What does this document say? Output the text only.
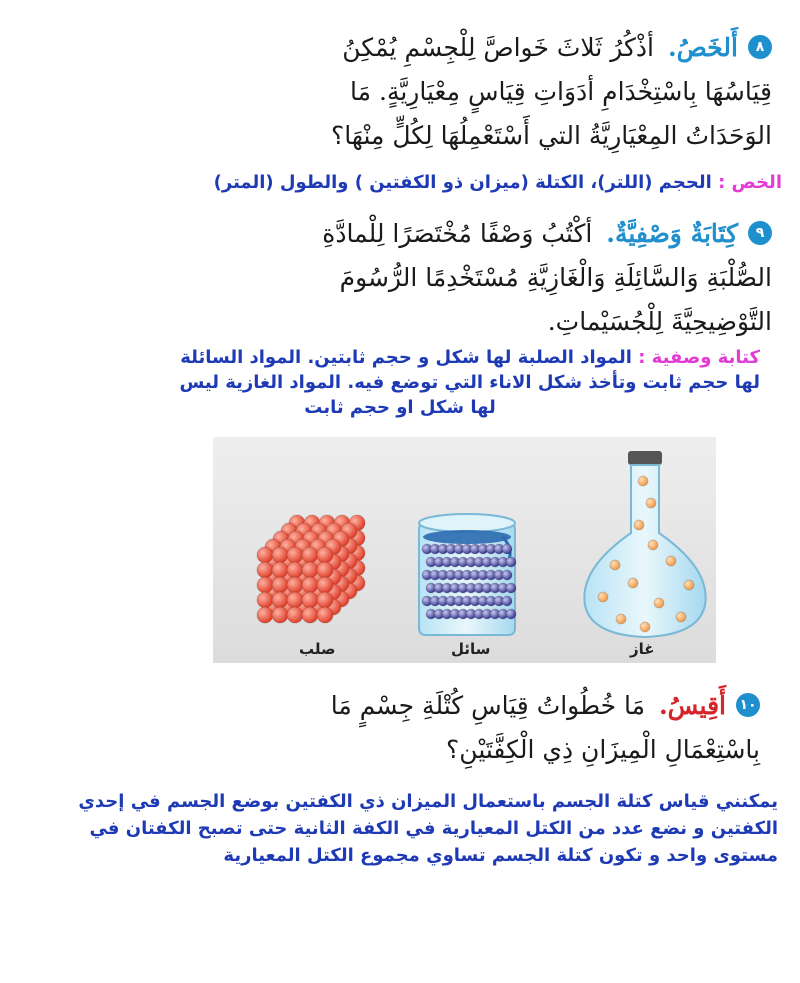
٨أَلخَصُ. أذْكُرُ ثَلاثَ خَواصَّ لِلْجِسْمِ يُمْكِنُ
قِيَاسُهَا بِاسْتِخْدَامِ أدَوَاتِ قِيَاسٍ مِعْيَارِيَّةٍ. مَا
الوَحَدَاتُ المِعْيَارِيَّةُ التي أَسْتَعْمِلُهَا لِكُلٍّ مِنْهَا؟
الخص : الحجم (اللتر)، الكتلة (ميزان ذو الكفتين ) والطول (المتر)
٩كِتَابَةٌ وَصْفِيَّةٌ. أكْتُبُ وَصْفًا مُخْتَصَرًا لِلْمادَّةِ
الصُّلْبَةِ وَالسَّائِلَةِ وَالْغَازِيَّةِ مُسْتَخْدِمًا الرُّسُومَ
التَّوْضِيحِيَّةَ لِلْجُسَيْماتِ.
كتابة وصفية : المواد الصلبة لها شكل و حجم ثابتين. المواد السائلة
لها حجم ثابت وتأخذ شكل الاناء التي توضع فيه. المواد الغازية ليس
لها شكل او حجم ثابت
صلب	سائل	غاز
١٠أَقِيسُ. مَا خُطُواتُ قِيَاسِ كُتْلَةِ جِسْمٍ مَا
بِاسْتِعْمَالِ الْمِيزَانِ ذِي الْكِفَّتَيْنِ؟
يمكنني قياس كتلة الجسم باستعمال الميزان ذي الكفتين بوضع الجسم في إحدي
الكفتين و نضع عدد من الكتل المعيارية في الكفة الثانية حتى تصبح الكفتان في
مستوى واحد و تكون كتلة الجسم تساوي مجموع الكتل المعيارية
